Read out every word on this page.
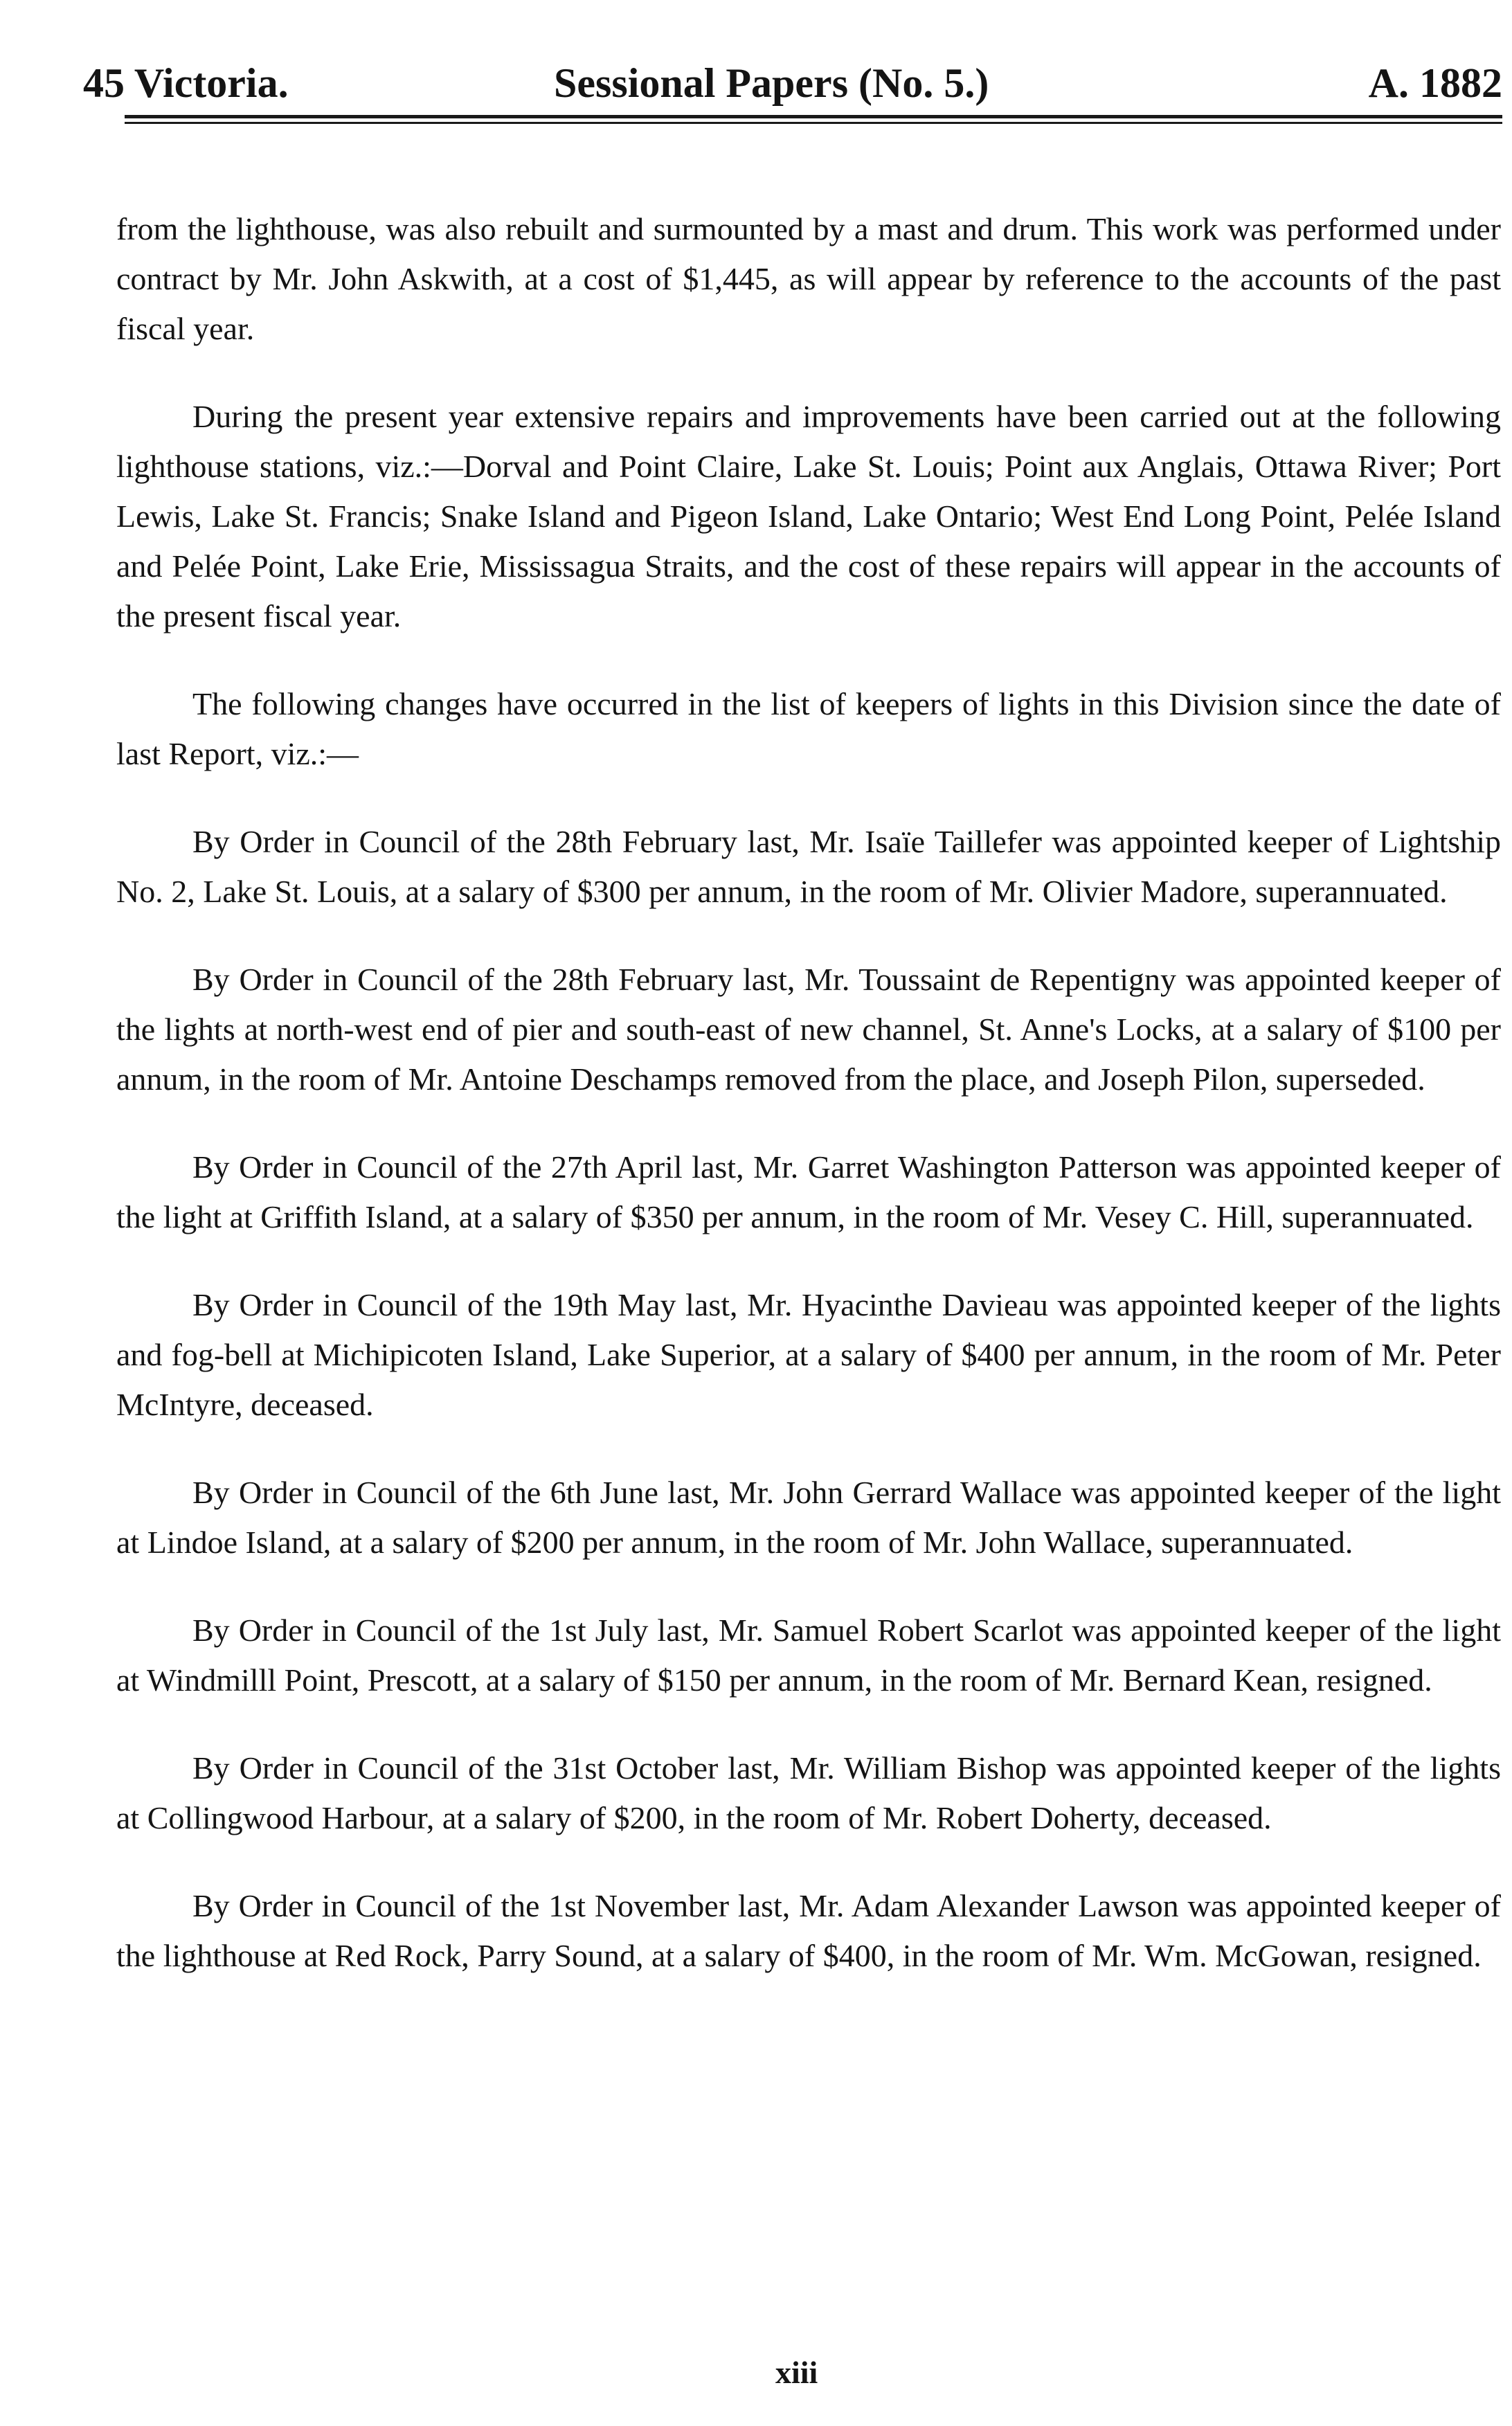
45 Victoria.	Sessional Papers (No. 5.)	A. 1882

from the lighthouse, was also rebuilt and surmounted by a mast and drum. This work was performed under contract by Mr. John Askwith, at a cost of $1,445, as will appear by reference to the accounts of the past fiscal year.

During the present year extensive repairs and improvements have been carried out at the following lighthouse stations, viz.:—Dorval and Point Claire, Lake St. Louis; Point aux Anglais, Ottawa River; Port Lewis, Lake St. Francis; Snake Island and Pigeon Island, Lake Ontario; West End Long Point, Pelée Island and Pelée Point, Lake Erie, Mississagua Straits, and the cost of these repairs will appear in the accounts of the present fiscal year.

The following changes have occurred in the list of keepers of lights in this Division since the date of last Report, viz.:—

By Order in Council of the 28th February last, Mr. Isaïe Taillefer was appointed keeper of Lightship No. 2, Lake St. Louis, at a salary of $300 per annum, in the room of Mr. Olivier Madore, superannuated.

By Order in Council of the 28th February last, Mr. Toussaint de Repentigny was appointed keeper of the lights at north-west end of pier and south-east of new channel, St. Anne's Locks, at a salary of $100 per annum, in the room of Mr. Antoine Deschamps removed from the place, and Joseph Pilon, superseded.

By Order in Council of the 27th April last, Mr. Garret Washington Patterson was appointed keeper of the light at Griffith Island, at a salary of $350 per annum, in the room of Mr. Vesey C. Hill, superannuated.

By Order in Council of the 19th May last, Mr. Hyacinthe Davieau was appointed keeper of the lights and fog-bell at Michipicoten Island, Lake Superior, at a salary of $400 per annum, in the room of Mr. Peter McIntyre, deceased.

By Order in Council of the 6th June last, Mr. John Gerrard Wallace was appointed keeper of the light at Lindoe Island, at a salary of $200 per annum, in the room of Mr. John Wallace, superannuated.

By Order in Council of the 1st July last, Mr. Samuel Robert Scarlot was appointed keeper of the light at Windmilll Point, Prescott, at a salary of $150 per annum, in the room of Mr. Bernard Kean, resigned.

By Order in Council of the 31st October last, Mr. William Bishop was appointed keeper of the lights at Collingwood Harbour, at a salary of $200, in the room of Mr. Robert Doherty, deceased.

By Order in Council of the 1st November last, Mr. Adam Alexander Lawson was appointed keeper of the lighthouse at Red Rock, Parry Sound, at a salary of $400, in the room of Mr. Wm. McGowan, resigned.

xiii
